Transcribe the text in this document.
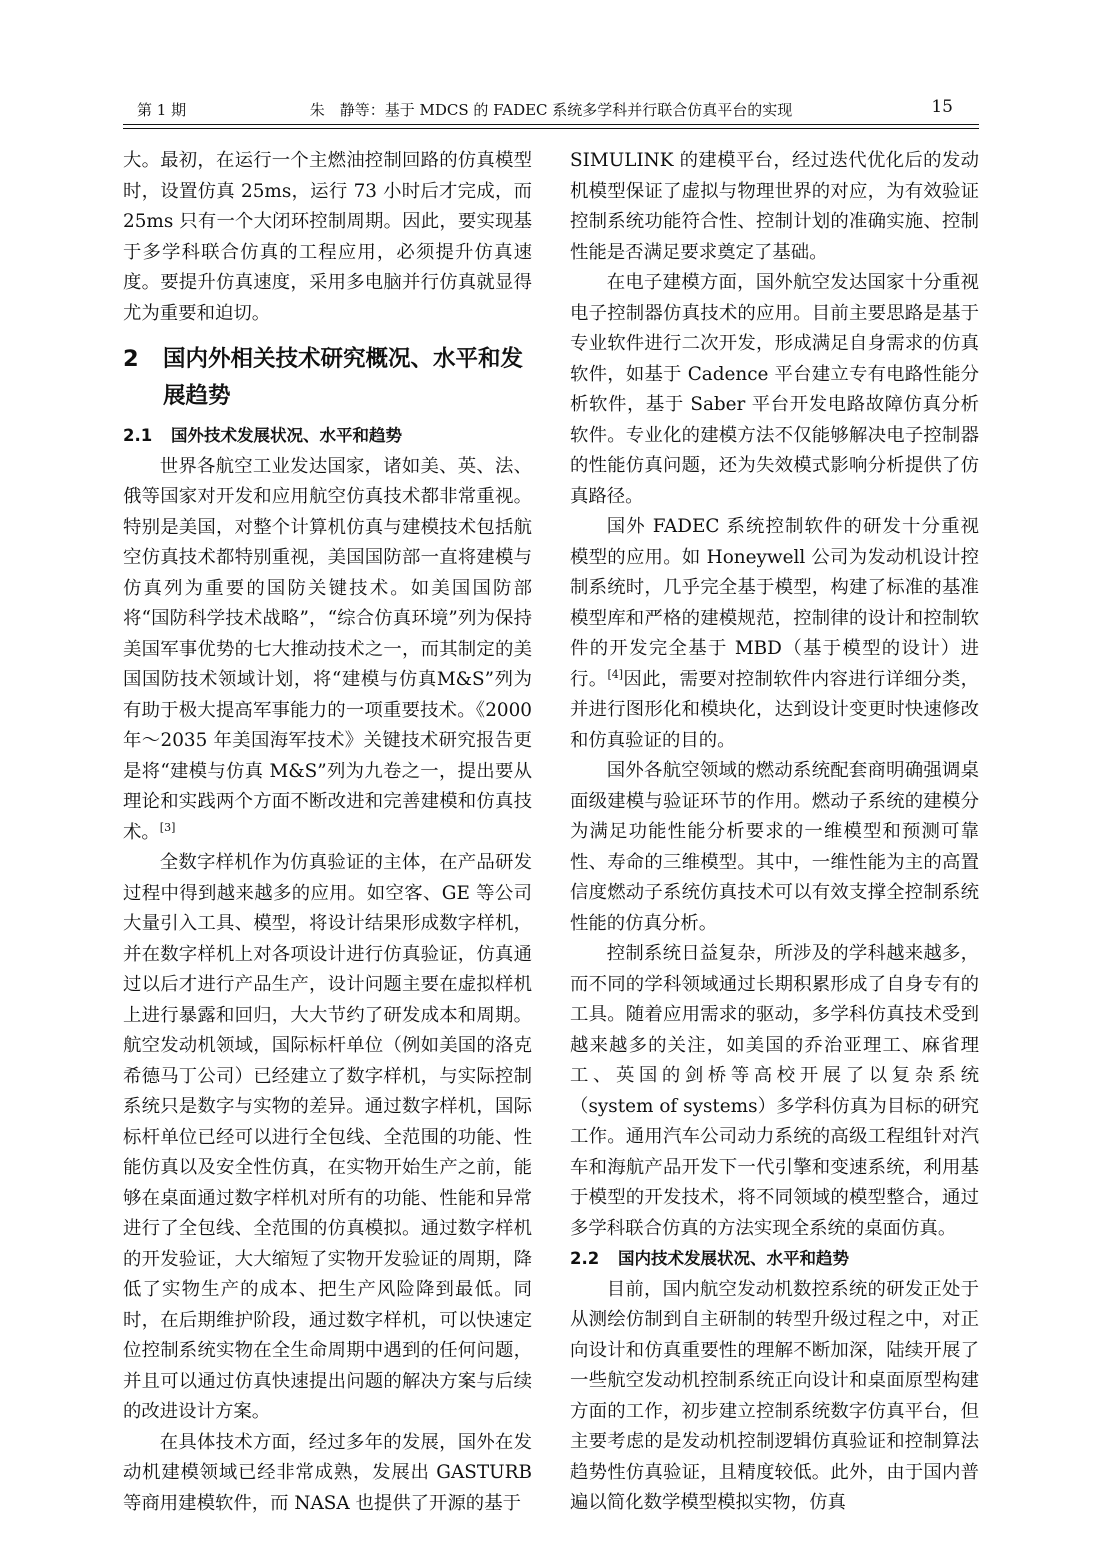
第 1 期	朱　静等：基于 MDCS 的 FADEC 系统多学科并行联合仿真平台的实现	15

大。最初，在运行一个主燃油控制回路的仿真模型时，设置仿真 25ms，运行 73 小时后才完成，而 25ms 只有一个大闭环控制周期。因此，要实现基于多学科联合仿真的工程应用，必须提升仿真速度。要提升仿真速度，采用多电脑并行仿真就显得尤为重要和迫切。

2	国内外相关技术研究概况、水平和发展趋势
2.1 国外技术发展状况、水平和趋势

世界各航空工业发达国家，诸如美、英、法、俄等国家对开发和应用航空仿真技术都非常重视。特别是美国，对整个计算机仿真与建模技术包括航空仿真技术都特别重视，美国国防部一直将建模与仿真列为重要的国防关键技术。如美国国防部将“国防科学技术战略”，“综合仿真环境”列为保持美国军事优势的七大推动技术之一，而其制定的美国国防技术领域计划，将“建模与仿真M&S”列为有助于极大提高军事能力的一项重要技术。《2000 年～2035 年美国海军技术》关键技术研究报告更是将“建模与仿真 M&S”列为九卷之一，提出要从理论和实践两个方面不断改进和完善建模和仿真技术。[3]

全数字样机作为仿真验证的主体，在产品研发过程中得到越来越多的应用。如空客、GE 等公司大量引入工具、模型，将设计结果形成数字样机，并在数字样机上对各项设计进行仿真验证，仿真通过以后才进行产品生产，设计问题主要在虚拟样机上进行暴露和回归，大大节约了研发成本和周期。航空发动机领域，国际标杆单位（例如美国的洛克希德马丁公司）已经建立了数字样机，与实际控制系统只是数字与实物的差异。通过数字样机，国际标杆单位已经可以进行全包线、全范围的功能、性能仿真以及安全性仿真，在实物开始生产之前，能够在桌面通过数字样机对所有的功能、性能和异常进行了全包线、全范围的仿真模拟。通过数字样机的开发验证，大大缩短了实物开发验证的周期，降低了实物生产的成本、把生产风险降到最低。同时，在后期维护阶段，通过数字样机，可以快速定位控制系统实物在全生命周期中遇到的任何问题，并且可以通过仿真快速提出问题的解决方案与后续的改进设计方案。

在具体技术方面，经过多年的发展，国外在发动机建模领域已经非常成熟，发展出 GASTURB 等商用建模软件，而 NASA 也提供了开源的基于

SIMULINK 的建模平台，经过迭代优化后的发动机模型保证了虚拟与物理世界的对应，为有效验证控制系统功能符合性、控制计划的准确实施、控制性能是否满足要求奠定了基础。

在电子建模方面，国外航空发达国家十分重视电子控制器仿真技术的应用。目前主要思路是基于专业软件进行二次开发，形成满足自身需求的仿真软件，如基于 Cadence 平台建立专有电路性能分析软件，基于 Saber 平台开发电路故障仿真分析软件。专业化的建模方法不仅能够解决电子控制器的性能仿真问题，还为失效模式影响分析提供了仿真路径。

国外 FADEC 系统控制软件的研发十分重视模型的应用。如 Honeywell 公司为发动机设计控制系统时，几乎完全基于模型，构建了标准的基准模型库和严格的建模规范，控制律的设计和控制软件的开发完全基于 MBD（基于模型的设计）进行。[4]因此，需要对控制软件内容进行详细分类，并进行图形化和模块化，达到设计变更时快速修改和仿真验证的目的。

国外各航空领域的燃动系统配套商明确强调桌面级建模与验证环节的作用。燃动子系统的建模分为满足功能性能分析要求的一维模型和预测可靠性、寿命的三维模型。其中，一维性能为主的高置信度燃动子系统仿真技术可以有效支撑全控制系统性能的仿真分析。

控制系统日益复杂，所涉及的学科越来越多，而不同的学科领域通过长期积累形成了自身专有的工具。随着应用需求的驱动，多学科仿真技术受到越来越多的关注，如美国的乔治亚理工、麻省理工、英国的剑桥等高校开展了以复杂系统（system of systems）多学科仿真为目标的研究工作。通用汽车公司动力系统的高级工程组针对汽车和海航产品开发下一代引擎和变速系统，利用基于模型的开发技术，将不同领域的模型整合，通过多学科联合仿真的方法实现全系统的桌面仿真。

2.2 国内技术发展状况、水平和趋势

目前，国内航空发动机数控系统的研发正处于从测绘仿制到自主研制的转型升级过程之中，对正向设计和仿真重要性的理解不断加深，陆续开展了一些航空发动机控制系统正向设计和桌面原型构建方面的工作，初步建立控制系统数字仿真平台，但主要考虑的是发动机控制逻辑仿真验证和控制算法趋势性仿真验证，且精度较低。此外，由于国内普遍以简化数学模型模拟实物，仿真
